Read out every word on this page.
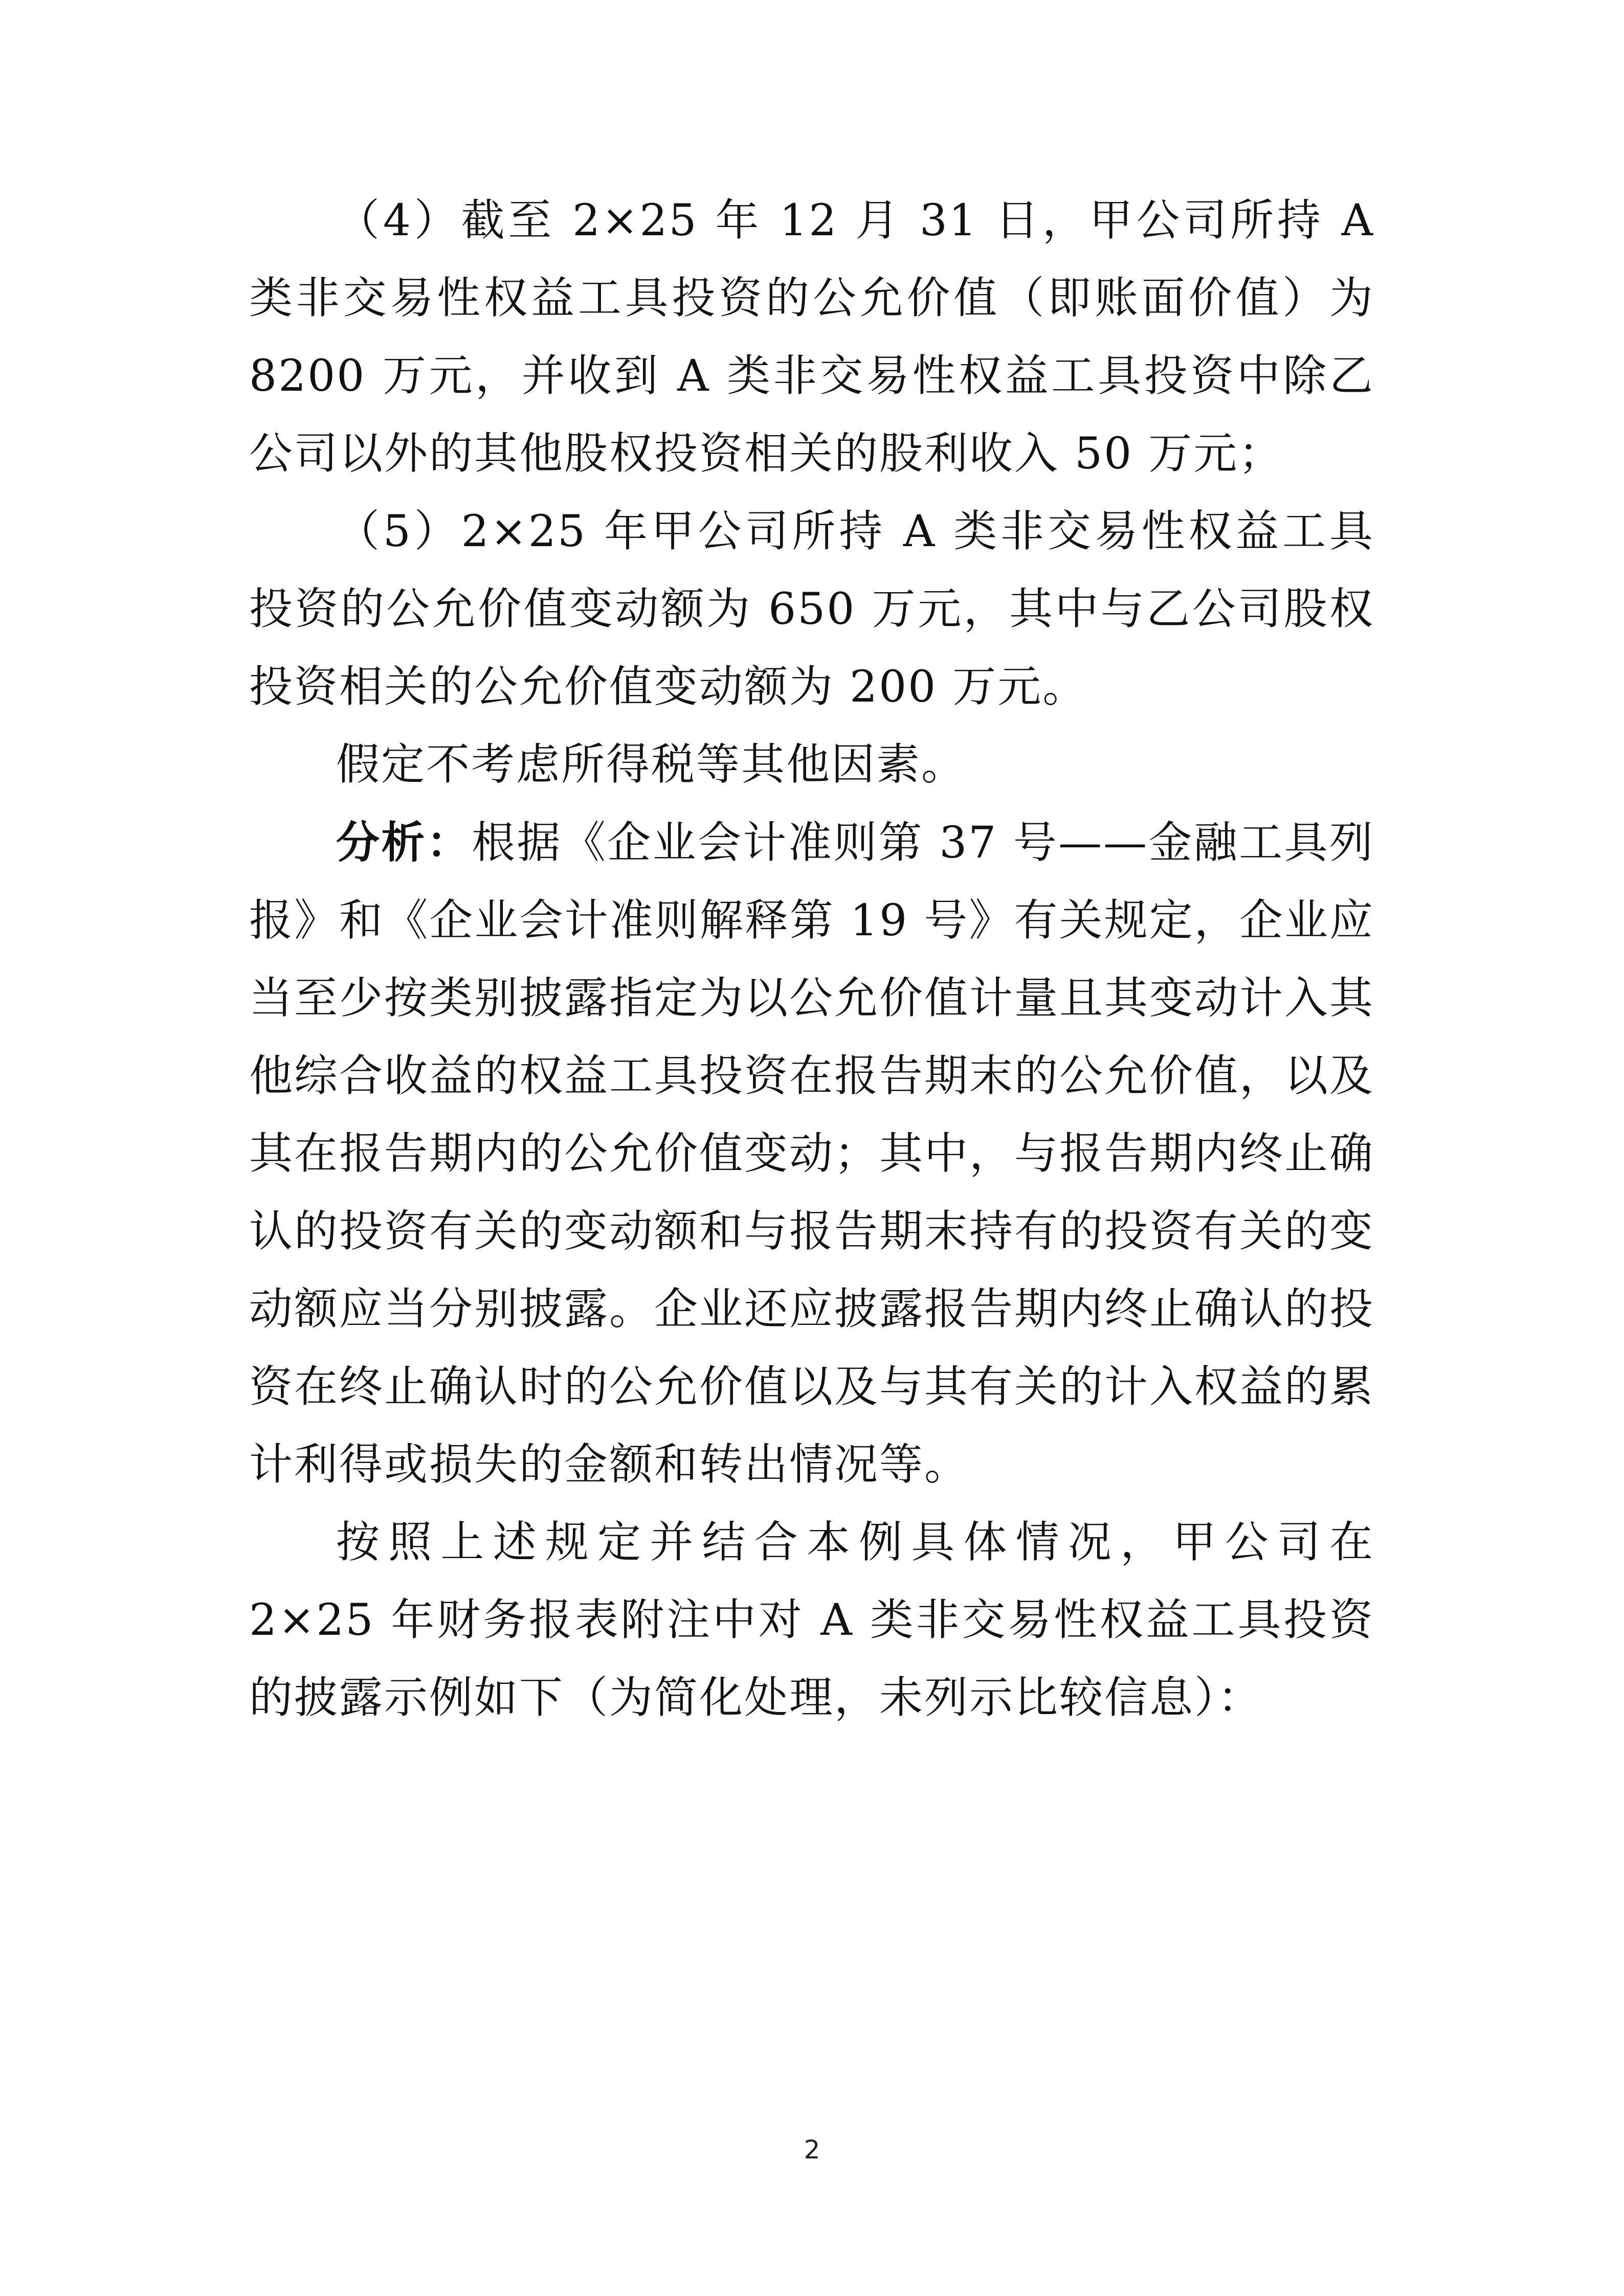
（4）截至 2×25 年 12 月 31 日，甲公司所持 A 类非交易性权益工具投资的公允价值（即账面价值）为 8200 万元，并收到 A 类非交易性权益工具投资中除乙公司以外的其他股权投资相关的股利收入 50 万元；

（5）2×25 年甲公司所持 A 类非交易性权益工具投资的公允价值变动额为 650 万元，其中与乙公司股权投资相关的公允价值变动额为 200 万元。

假定不考虑所得税等其他因素。

分析：根据《企业会计准则第 37 号——金融工具列报》和《企业会计准则解释第 19 号》有关规定，企业应当至少按类别披露指定为以公允价值计量且其变动计入其他综合收益的权益工具投资在报告期末的公允价值，以及其在报告期内的公允价值变动；其中，与报告期内终止确认的投资有关的变动额和与报告期末持有的投资有关的变动额应当分别披露。企业还应披露报告期内终止确认的投资在终止确认时的公允价值以及与其有关的计入权益的累计利得或损失的金额和转出情况等。

按照上述规定并结合本例具体情况，甲公司在 2×25 年财务报表附注中对 A 类非交易性权益工具投资的披露示例如下（为简化处理，未列示比较信息）：

2
